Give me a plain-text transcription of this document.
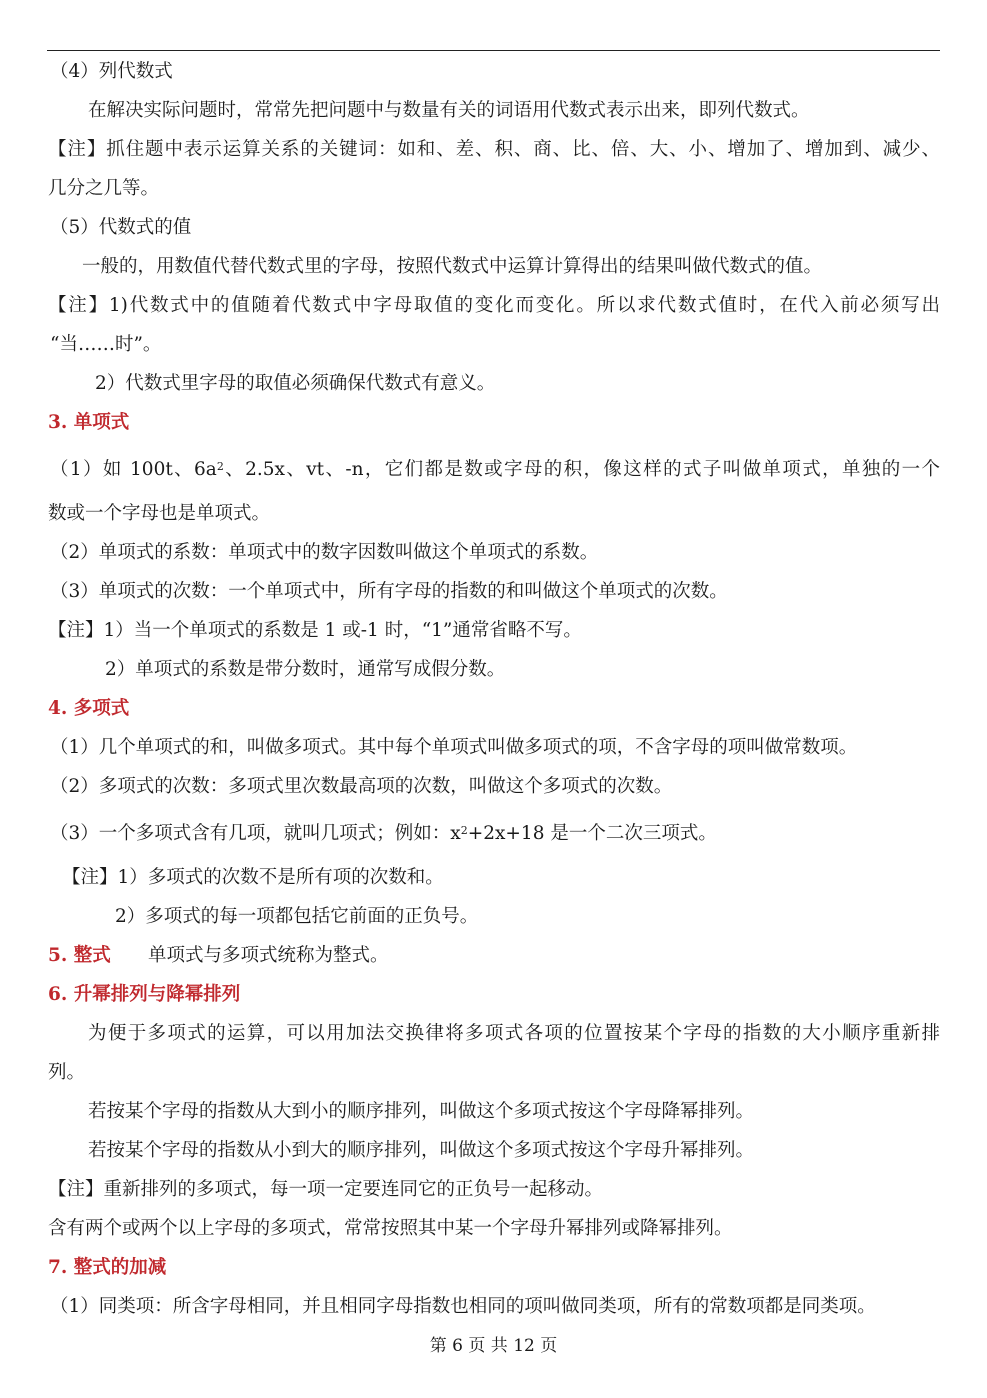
（4）列代数式
在解决实际问题时，常常先把问题中与数量有关的词语用代数式表示出来，即列代数式。
【注】抓住题中表示运算关系的关键词：如和、差、积、商、比、倍、大、小、增加了、增加到、减少、
几分之几等。
（5）代数式的值
一般的，用数值代替代数式里的字母，按照代数式中运算计算得出的结果叫做代数式的值。
【注】1)代数式中的值随着代数式中字母取值的变化而变化。所以求代数式值时，在代入前必须写出
“当……时”。
2）代数式里字母的取值必须确保代数式有意义。
3. 单项式
（1）如 100t、$6a^2$、2.5x、vt、-n，它们都是数或字母的积，像这样的式子叫做单项式，单独的一个
数或一个字母也是单项式。
（2）单项式的系数：单项式中的数字因数叫做这个单项式的系数。
（3）单项式的次数：一个单项式中，所有字母的指数的和叫做这个单项式的次数。
【注】1）当一个单项式的系数是 1 或-1 时，“1”通常省略不写。
2）单项式的系数是带分数时，通常写成假分数。
4. 多项式
（1）几个单项式的和，叫做多项式。其中每个单项式叫做多项式的项，不含字母的项叫做常数项。
（2）多项式的次数：多项式里次数最高项的次数，叫做这个多项式的次数。
（3）一个多项式含有几项，就叫几项式；例如：$x^2+2x+18$ 是一个二次三项式。
【注】1）多项式的次数不是所有项的次数和。
2）多项式的每一项都包括它前面的正负号。
5. 整式 单项式与多项式统称为整式。
6. 升幂排列与降幂排列
为便于多项式的运算，可以用加法交换律将多项式各项的位置按某个字母的指数的大小顺序重新排
列。
若按某个字母的指数从大到小的顺序排列，叫做这个多项式按这个字母降幂排列。
若按某个字母的指数从小到大的顺序排列，叫做这个多项式按这个字母升幂排列。
【注】重新排列的多项式，每一项一定要连同它的正负号一起移动。
含有两个或两个以上字母的多项式，常常按照其中某一个字母升幂排列或降幂排列。
7. 整式的加减
（1）同类项：所含字母相同，并且相同字母指数也相同的项叫做同类项，所有的常数项都是同类项。
第 6 页 共 12 页
